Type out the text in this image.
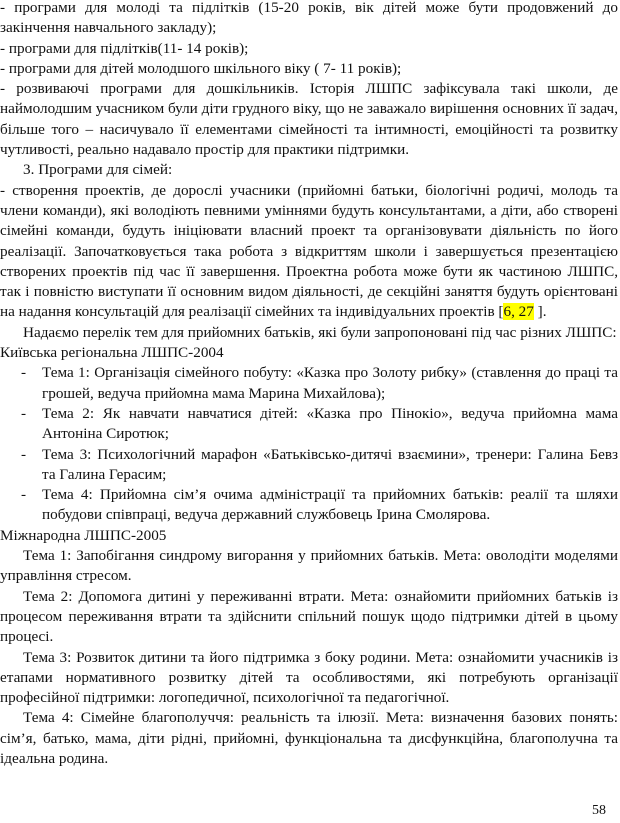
- програми для молоді та підлітків (15-20 років, вік дітей може бути продовжений до закінчення навчального закладу);

- програми для підлітків(11- 14 років);

- програми для дітей молодшого шкільного віку ( 7- 11 років);

- розвиваючі програми для дошкільників. Історія ЛШПС зафіксувала такі школи, де наймолодшим учасником були діти грудного віку, що не заважало вирішення основних її задач, більше того – насичувало її елементами сімейності та інтимності, емоційності та розвитку чутливості, реально надавало простір для практики підтримки.

3. Програми для сімей:

- створення проектів, де дорослі учасники (прийомні батьки, біологічні родичі, молодь та члени команди), які володіють певними уміннями будуть консультантами, а діти, або створені сімейні команди, будуть ініціювати власний проект та організовувати діяльність по його реалізації. Започатковується така робота з відкриттям школи і завершується презентацією створених проектів під час її завершення. Проектна робота може бути як частиною ЛШПС, так і повністю виступати її основним видом діяльності, де секційні заняття будуть орієнтовані на надання консультацій для реалізації сімейних та індивідуальних проектів [6, 27 ].

Надаємо перелік тем для прийомних батьків, які були запропоновані під час різних ЛШПС:

Київська регіональна ЛШПС-2004

- Тема 1: Організація сімейного побуту: «Казка про Золоту рибку» (ставлення до праці та грошей, ведуча прийомна мама Марина Михайлова);
- Тема 2: Як навчати навчатися дітей: «Казка про Пінокіо», ведуча прийомна мама Антоніна Сиротюк;
- Тема 3: Психологічний марафон «Батьківсько-дитячі взаємини», тренери: Галина Бевз та Галина Герасим;
- Тема 4: Прийомна сім’я очима адміністрації та прийомних батьків: реалії та шляхи побудови співпраці, ведуча державний службовець Ірина Смолярова.

Міжнародна ЛШПС-2005

Тема 1: Запобігання синдрому вигорання у прийомних батьків. Мета: оволодіти моделями управління стресом.

Тема 2: Допомога дитині у переживанні втрати. Мета: ознайомити прийомних батьків із процесом переживання втрати та здійснити спільний пошук щодо підтримки дітей в цьому процесі.

Тема 3: Розвиток дитини та його підтримка з боку родини. Мета: ознайомити учасників із етапами нормативного розвитку дітей та особливостями, які потребують організації професійної підтримки: логопедичної, психологічної та педагогічної.

Тема 4: Сімейне благополуччя: реальність та ілюзії. Мета: визначення базових понять: сім’я, батько, мама, діти рідні, прийомні, функціональна та дисфункційна, благополучна та ідеальна родина.

58
